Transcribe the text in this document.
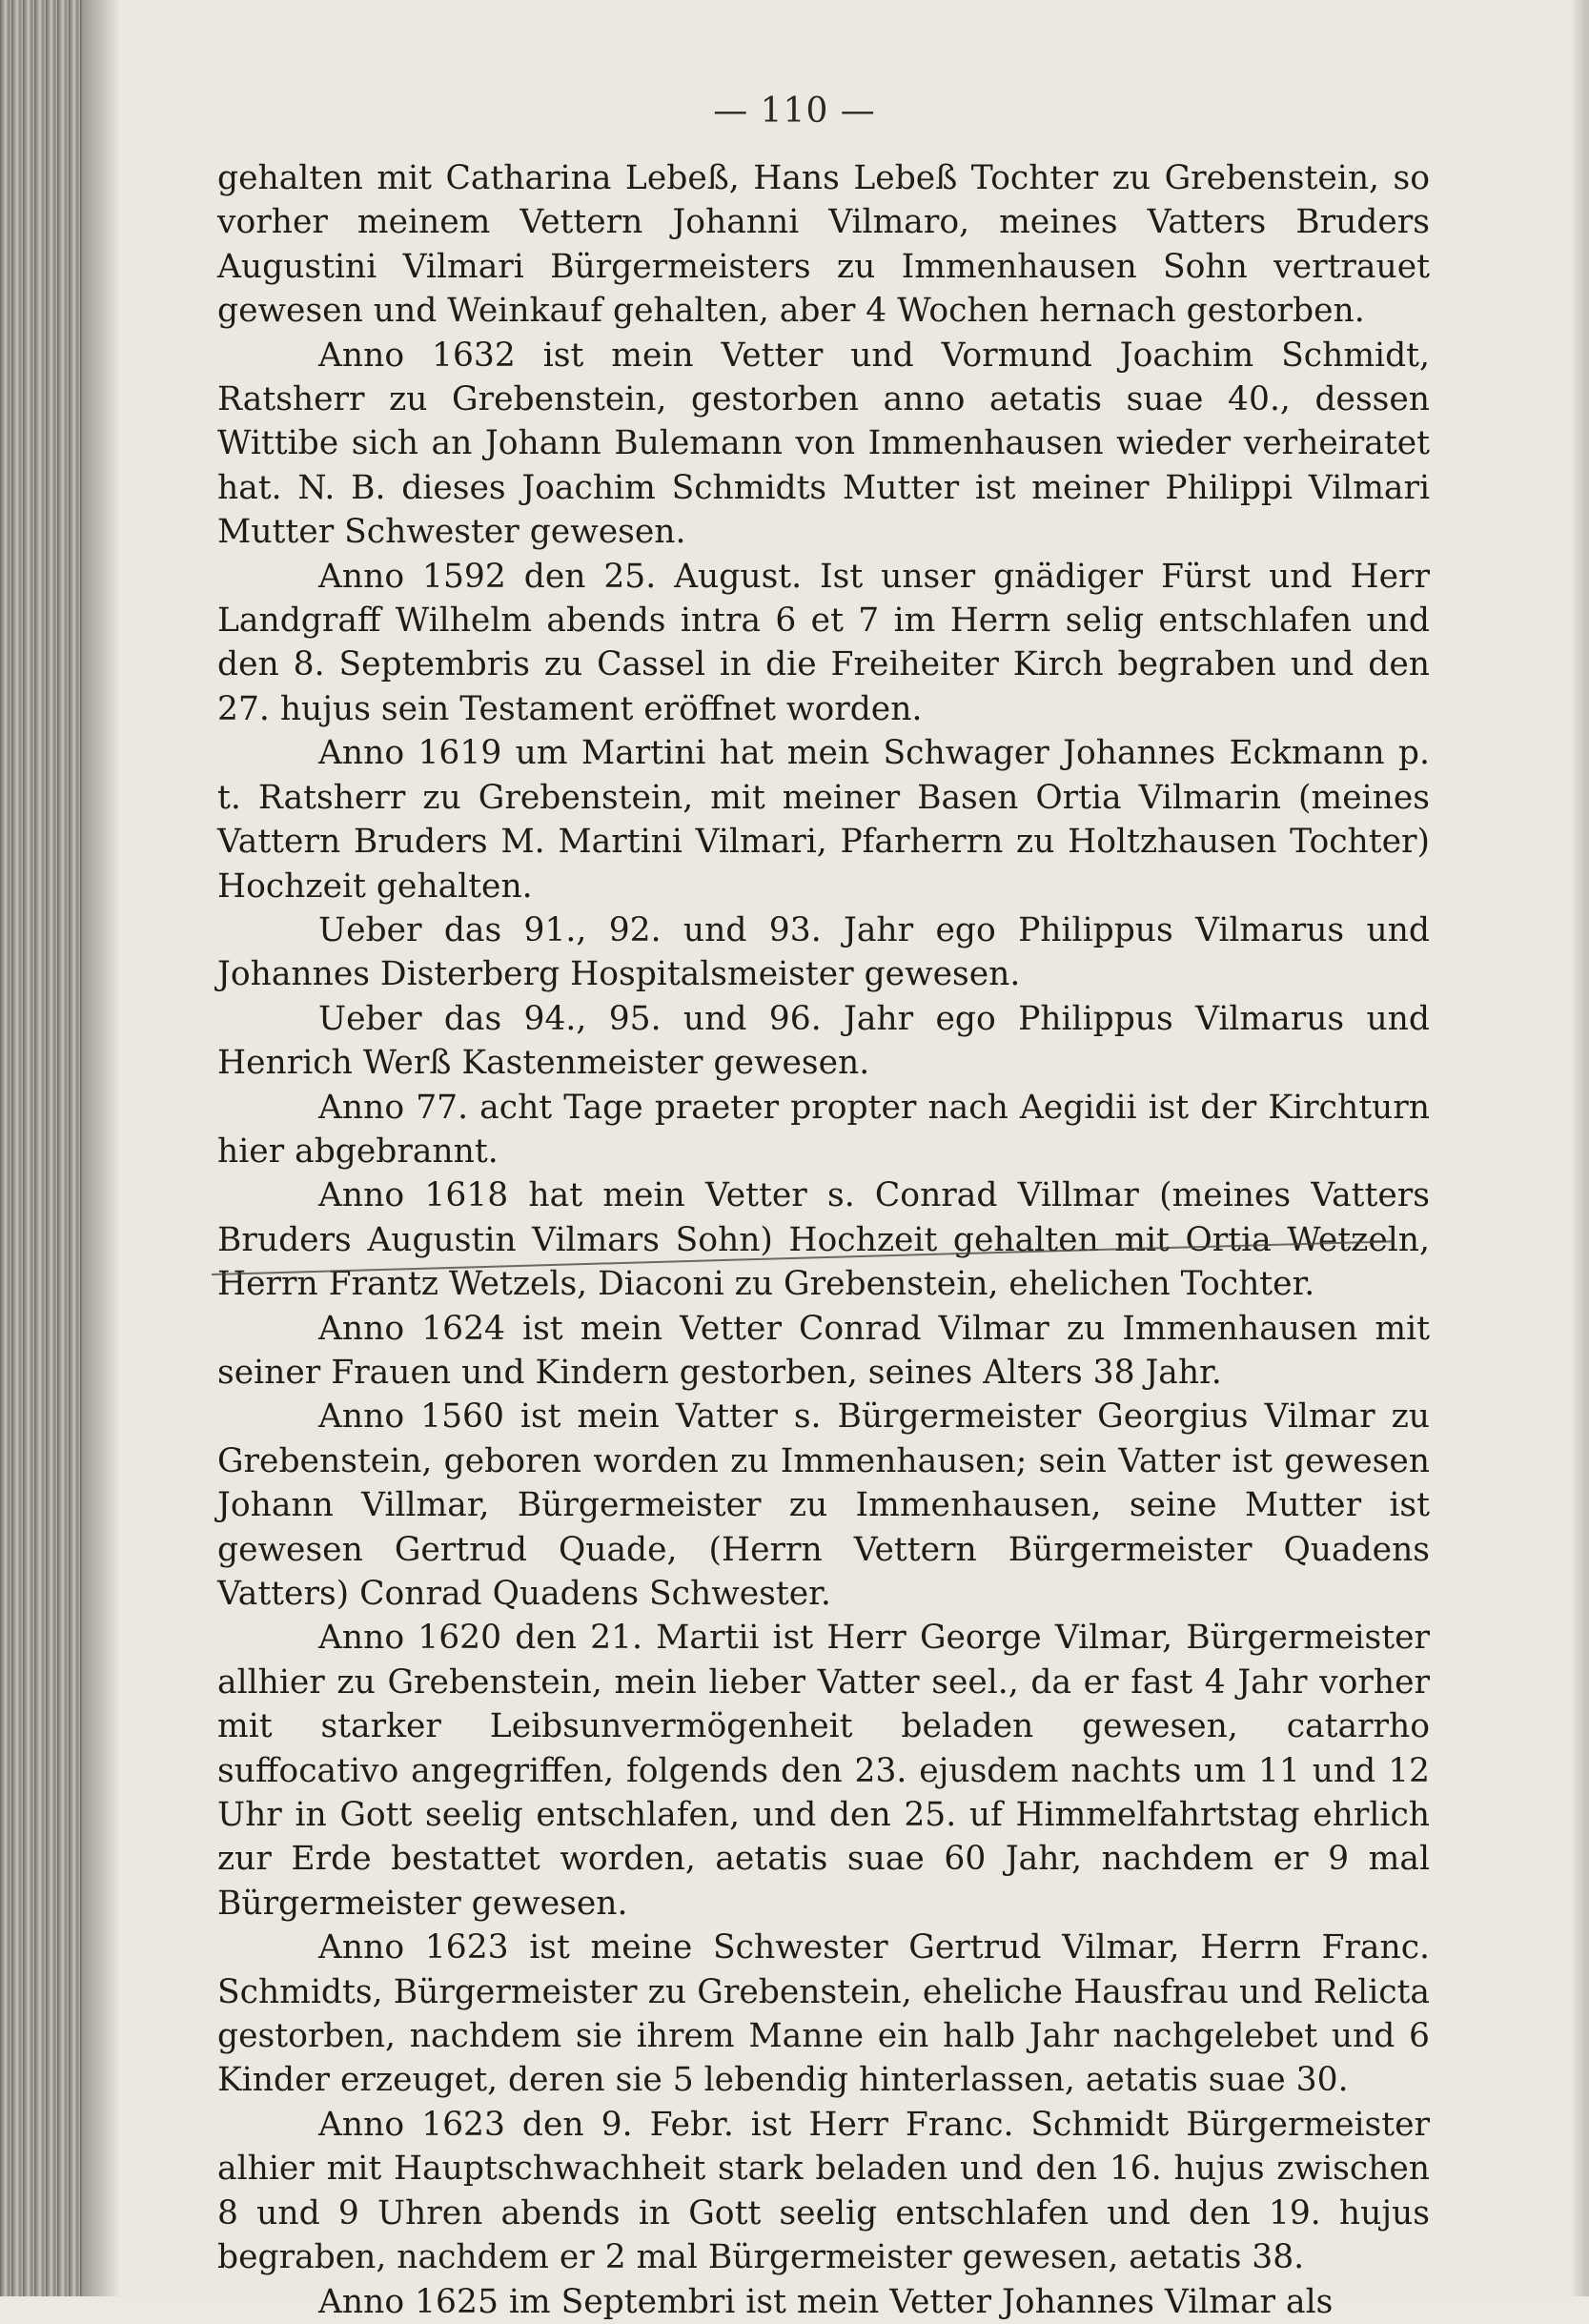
— 110 —

gehalten mit Catharina Lebeß, Hans Lebeß Tochter zu Grebenstein, so vorher meinem Vettern Johanni Vilmaro, meines Vatters Bruders Augustini Vilmari Bürgermeisters zu Immenhausen Sohn vertrauet gewesen und Weinkauf gehalten, aber 4 Wochen hernach gestorben.

Anno 1632 ist mein Vetter und Vormund Joachim Schmidt, Ratsherr zu Grebenstein, gestorben anno aetatis suae 40., dessen Wittibe sich an Johann Bulemann von Immenhausen wieder verheiratet hat. N. B. dieses Joachim Schmidts Mutter ist meiner Philippi Vilmari Mutter Schwester gewesen.

Anno 1592 den 25. August. Ist unser gnädiger Fürst und Herr Landgraff Wilhelm abends intra 6 et 7 im Herrn selig entschlafen und den 8. Septembris zu Cassel in die Freiheiter Kirch begraben und den 27. hujus sein Testament eröffnet worden.

Anno 1619 um Martini hat mein Schwager Johannes Eckmann p. t. Ratsherr zu Grebenstein, mit meiner Basen Ortia Vilmarin (meines Vattern Bruders M. Martini Vilmari, Pfarherrn zu Holtzhausen Tochter) Hochzeit gehalten.

Ueber das 91., 92. und 93. Jahr ego Philippus Vilmarus und Johannes Disterberg Hospitalsmeister gewesen.

Ueber das 94., 95. und 96. Jahr ego Philippus Vilmarus und Henrich Werß Kastenmeister gewesen.

Anno 77. acht Tage praeter propter nach Aegidii ist der Kirchturn hier abgebrannt.

Anno 1618 hat mein Vetter s. Conrad Villmar (meines Vatters Bruders Augustin Vilmars Sohn) Hochzeit gehalten mit Ortia Wetzeln, Herrn Frantz Wetzels, Diaconi zu Grebenstein, ehelichen Tochter.

Anno 1624 ist mein Vetter Conrad Vilmar zu Immenhausen mit seiner Frauen und Kindern gestorben, seines Alters 38 Jahr.

Anno 1560 ist mein Vatter s. Bürgermeister Georgius Vilmar zu Grebenstein, geboren worden zu Immenhausen; sein Vatter ist gewesen Johann Villmar, Bürgermeister zu Immenhausen, seine Mutter ist gewesen Gertrud Quade, (Herrn Vettern Bürgermeister Quadens Vatters) Conrad Quadens Schwester.

Anno 1620 den 21. Martii ist Herr George Vilmar, Bürgermeister allhier zu Grebenstein, mein lieber Vatter seel., da er fast 4 Jahr vorher mit starker Leibsunvermögenheit beladen gewesen, catarrho suffocativo angegriffen, folgends den 23. ejusdem nachts um 11 und 12 Uhr in Gott seelig entschlafen, und den 25. uf Himmelfahrtstag ehrlich zur Erde bestattet worden, aetatis suae 60 Jahr, nachdem er 9 mal Bürgermeister gewesen.

Anno 1623 ist meine Schwester Gertrud Vilmar, Herrn Franc. Schmidts, Bürgermeister zu Grebenstein, eheliche Hausfrau und Relicta gestorben, nachdem sie ihrem Manne ein halb Jahr nachgelebet und 6 Kinder erzeuget, deren sie 5 lebendig hinterlassen, aetatis suae 30.

Anno 1623 den 9. Febr. ist Herr Franc. Schmidt Bürgermeister alhier mit Hauptschwachheit stark beladen und den 16. hujus zwischen 8 und 9 Uhren abends in Gott seelig entschlafen und den 19. hujus begraben, nachdem er 2 mal Bürgermeister gewesen, aetatis 38.

Anno 1625 im Septembri ist mein Vetter Johannes Vilmar als
